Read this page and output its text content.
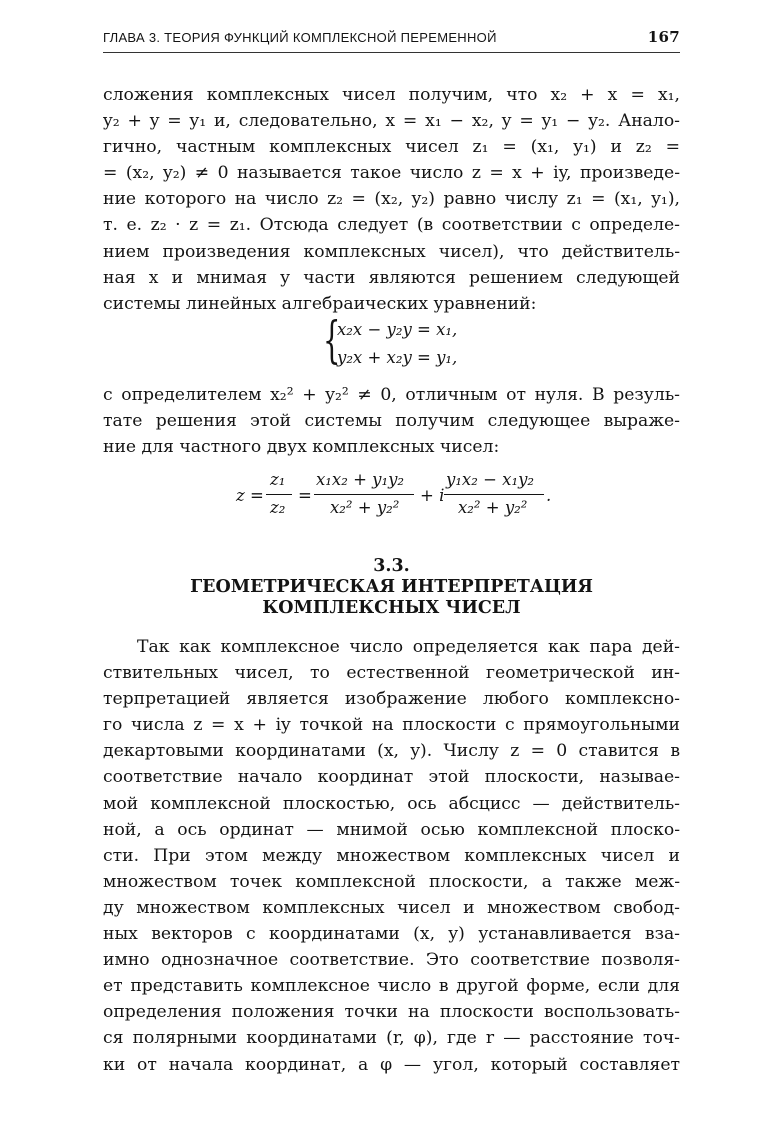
ГЛАВА 3. ТЕОРИЯ ФУНКЦИЙ КОМПЛЕКСНОЙ ПЕРЕМЕННОЙ	167
сложения комплексных чисел получим, что x₂ + x = x₁,
y₂ + y = y₁ и, следовательно, x = x₁ − x₂, y = y₁ − y₂. Анало-
гично, частным комплексных чисел z₁ = (x₁, y₁) и z₂ =
= (x₂, y₂) ≠ 0 называется такое число z = x + iy, произведе-
ние которого на число z₂ = (x₂, y₂) равно числу z₁ = (x₁, y₁),
т. е. z₂ · z = z₁. Отсюда следует (в соответствии с определе-
нием произведения комплексных чисел), что действитель-
ная x и мнимая y части являются решением следующей
системы линейных алгебраических уравнений:
{
x₂x − y₂y = x₁,
y₂x + x₂y = y₁,
с определителем x₂² + y₂² ≠ 0, отличным от нуля. В резуль-
тате решения этой системы получим следующее выраже-
ние для частного двух комплексных чисел:
z =
z₁
z₂
=
x₁x₂ + y₁y₂
x₂² + y₂²
+ i
y₁x₂ − x₁y₂
x₂² + y₂²
.
3.3.
ГЕОМЕТРИЧЕСКАЯ ИНТЕРПРЕТАЦИЯ
КОМПЛЕКСНЫХ ЧИСЕЛ
Так как комплексное число определяется как пара дей-
ствительных чисел, то естественной геометрической ин-
терпретацией является изображение любого комплексно-
го числа z = x + iy точкой на плоскости с прямоугольными
декартовыми координатами (x, y). Числу z = 0 ставится в
соответствие начало координат этой плоскости, называе-
мой комплексной плоскостью, ось абсцисс — действитель-
ной, а ось ординат — мнимой осью комплексной плоско-
сти. При этом между множеством комплексных чисел и
множеством точек комплексной плоскости, а также меж-
ду множеством комплексных чисел и множеством свобод-
ных векторов с координатами (x, y) устанавливается вза-
имно однозначное соответствие. Это соответствие позволя-
ет представить комплексное число в другой форме, если для
определения положения точки на плоскости воспользовать-
ся полярными координатами (r, φ), где r — расстояние точ-
ки от начала координат, а φ — угол, который составляет
